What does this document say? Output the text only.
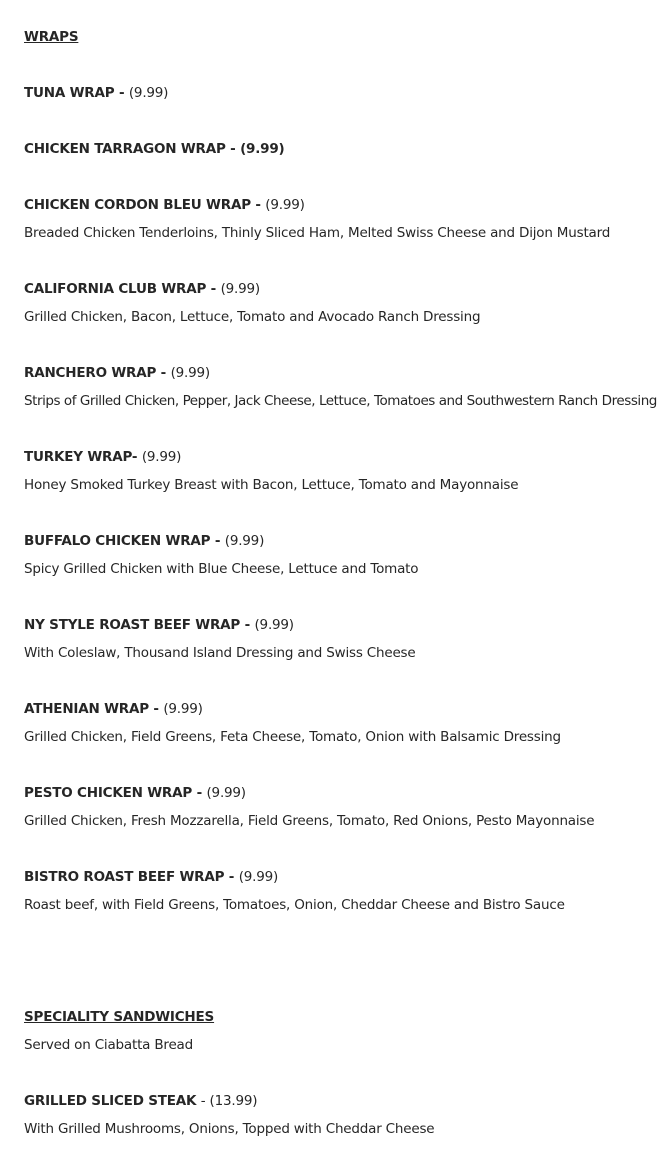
WRAPS
TUNA WRAP - (9.99)
CHICKEN TARRAGON WRAP - (9.99)
CHICKEN CORDON BLEU WRAP - (9.99)
Breaded Chicken Tenderloins, Thinly Sliced Ham, Melted Swiss Cheese and Dijon Mustard
CALIFORNIA CLUB WRAP - (9.99)
Grilled Chicken, Bacon, Lettuce, Tomato and Avocado Ranch Dressing
RANCHERO WRAP - (9.99)
Strips of Grilled Chicken, Pepper, Jack Cheese, Lettuce, Tomatoes and Southwestern Ranch Dressing
TURKEY WRAP- (9.99)
Honey Smoked Turkey Breast with Bacon, Lettuce, Tomato and Mayonnaise
BUFFALO CHICKEN WRAP - (9.99)
Spicy Grilled Chicken with Blue Cheese, Lettuce and Tomato
NY STYLE ROAST BEEF WRAP - (9.99)
With Coleslaw, Thousand Island Dressing and Swiss Cheese
ATHENIAN WRAP - (9.99)
Grilled Chicken, Field Greens, Feta Cheese, Tomato, Onion with Balsamic Dressing
PESTO CHICKEN WRAP - (9.99)
Grilled Chicken, Fresh Mozzarella, Field Greens, Tomato, Red Onions, Pesto Mayonnaise
BISTRO ROAST BEEF WRAP - (9.99)
Roast beef, with Field Greens, Tomatoes, Onion, Cheddar Cheese and Bistro Sauce
SPECIALITY SANDWICHES
Served on Ciabatta Bread
GRILLED SLICED STEAK - (13.99)
With Grilled Mushrooms, Onions, Topped with Cheddar Cheese
